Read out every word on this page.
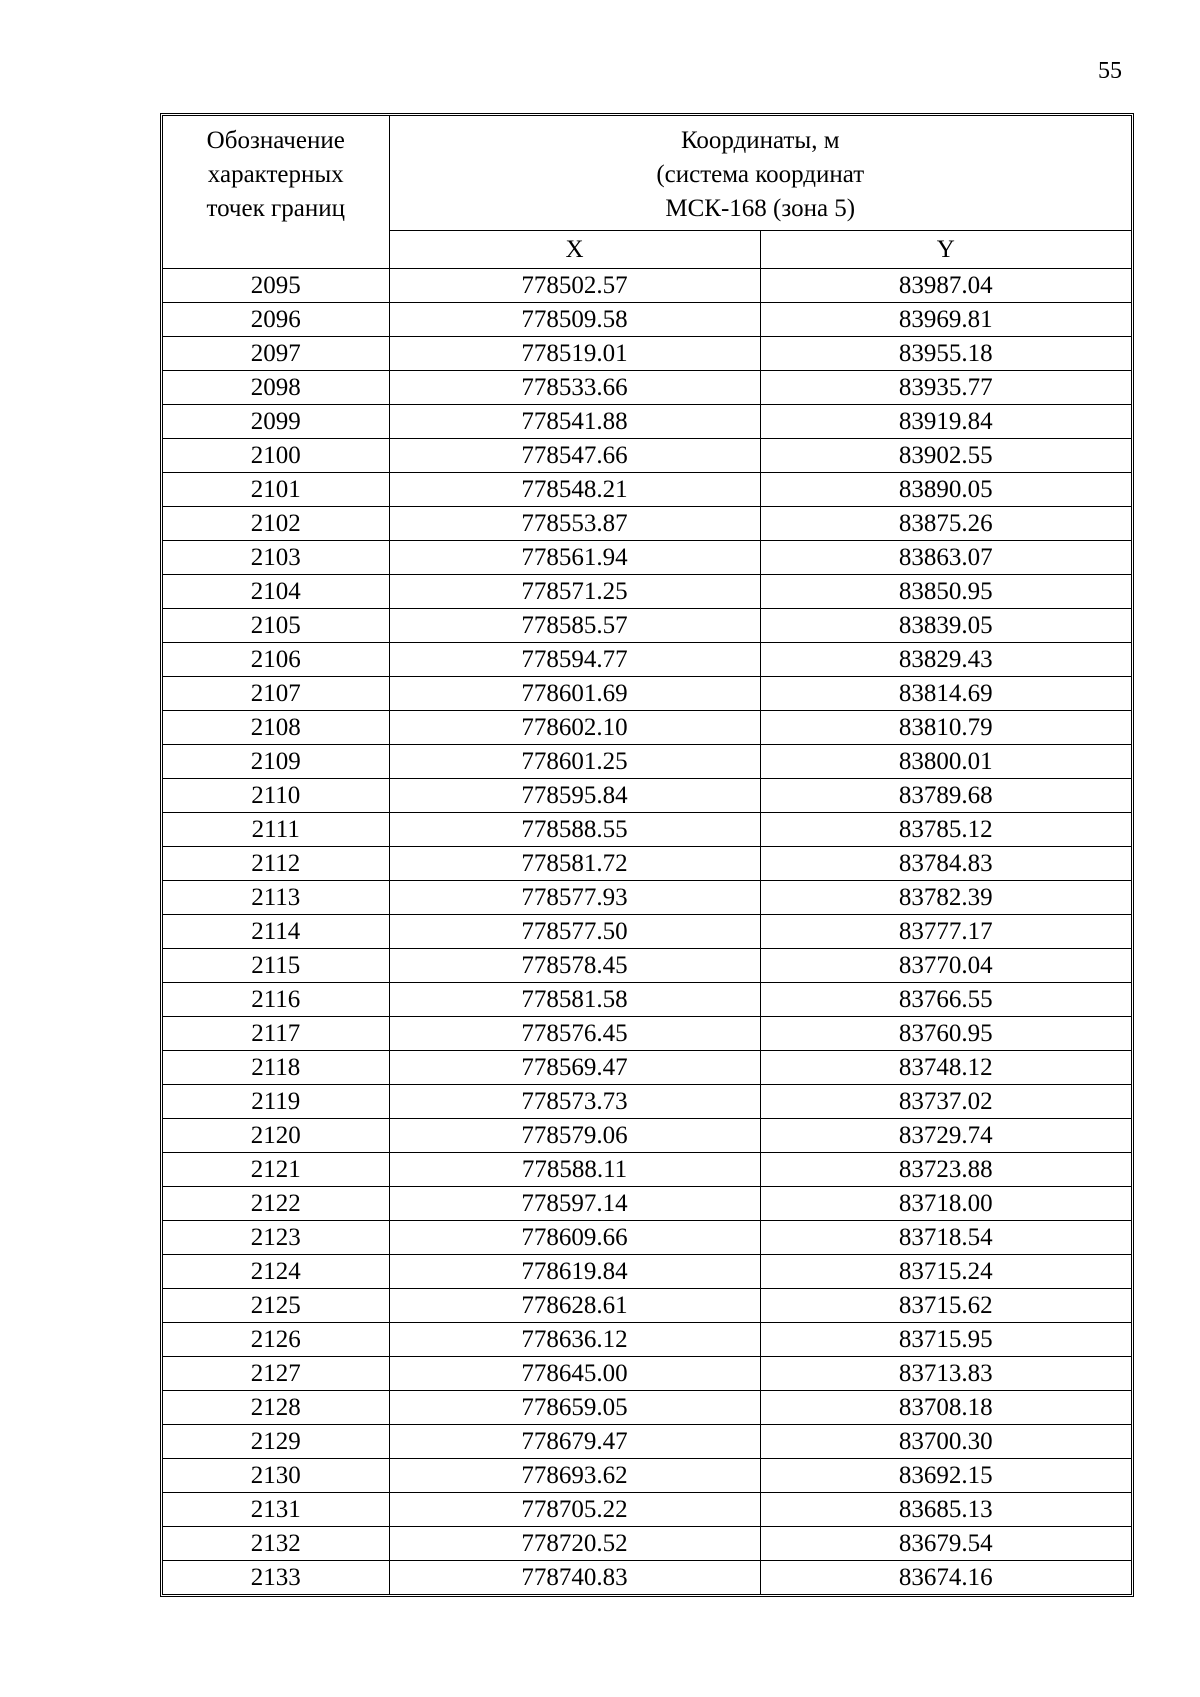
55
Обозначение
характерных
точек границ	Координаты, м
(система координат
МСК-168 (зона 5)	

	X	Y
2095	778502.57	83987.04
2096	778509.58	83969.81
2097	778519.01	83955.18
2098	778533.66	83935.77
2099	778541.88	83919.84
2100	778547.66	83902.55
2101	778548.21	83890.05
2102	778553.87	83875.26
2103	778561.94	83863.07
2104	778571.25	83850.95
2105	778585.57	83839.05
2106	778594.77	83829.43
2107	778601.69	83814.69
2108	778602.10	83810.79
2109	778601.25	83800.01
2110	778595.84	83789.68
2111	778588.55	83785.12
2112	778581.72	83784.83
2113	778577.93	83782.39
2114	778577.50	83777.17
2115	778578.45	83770.04
2116	778581.58	83766.55
2117	778576.45	83760.95
2118	778569.47	83748.12
2119	778573.73	83737.02
2120	778579.06	83729.74
2121	778588.11	83723.88
2122	778597.14	83718.00
2123	778609.66	83718.54
2124	778619.84	83715.24
2125	778628.61	83715.62
2126	778636.12	83715.95
2127	778645.00	83713.83
2128	778659.05	83708.18
2129	778679.47	83700.30
2130	778693.62	83692.15
2131	778705.22	83685.13
2132	778720.52	83679.54
2133	778740.83	83674.16
